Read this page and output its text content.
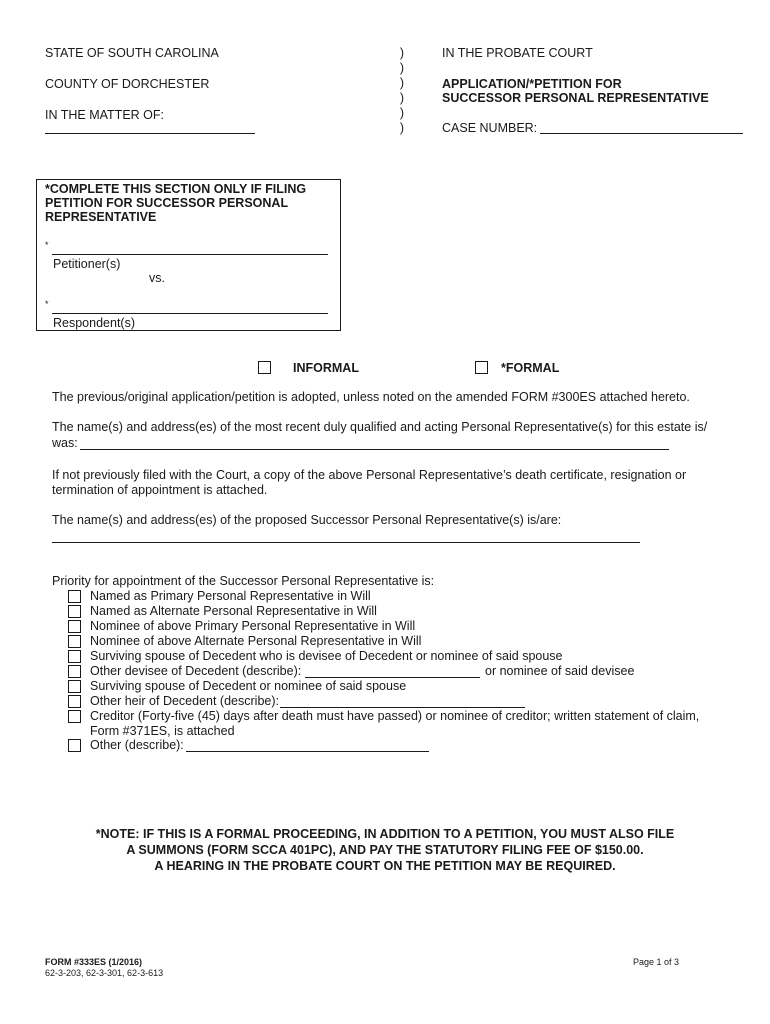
STATE OF SOUTH CAROLINA
COUNTY OF DORCHESTER
IN THE MATTER OF:
)
)
)
)
)
)
IN THE PROBATE COURT
APPLICATION/*PETITION FOR
SUCCESSOR PERSONAL REPRESENTATIVE
CASE NUMBER:
*COMPLETE THIS SECTION ONLY IF FILING
PETITION FOR SUCCESSOR PERSONAL
REPRESENTATIVE
*
Petitioner(s)
vs.
*
Respondent(s)
INFORMAL	*FORMAL
The previous/original application/petition is adopted, unless noted on the amended FORM #300ES attached hereto.
The name(s) and address(es) of the most recent duly qualified and acting Personal Representative(s) for this estate is/
was:
If not previously filed with the Court, a copy of the above Personal Representative’s death certificate, resignation or
termination of appointment is attached.
The name(s) and address(es) of the proposed Successor Personal Representative(s) is/are:
Priority for appointment of the Successor Personal Representative is:
Named as Primary Personal Representative in Will
Named as Alternate Personal Representative in Will
Nominee of above Primary Personal Representative in Will
Nominee of above Alternate Personal Representative in Will
Surviving spouse of Decedent who is devisee of Decedent or nominee of said spouse
Other devisee of Decedent (describe):	or nominee of said devisee
Surviving spouse of Decedent or nominee of said spouse
Other heir of Decedent (describe):
Creditor (Forty-five (45) days after death must have passed) or nominee of creditor; written statement of claim,
Form #371ES, is attached
Other (describe):
*NOTE: IF THIS IS A FORMAL PROCEEDING, IN ADDITION TO A PETITION, YOU MUST ALSO FILE
A SUMMONS (FORM SCCA 401PC), AND PAY THE STATUTORY FILING FEE OF $150.00.
A HEARING IN THE PROBATE COURT ON THE PETITION MAY BE REQUIRED.
FORM #333ES (1/2016)
62-3-203, 62-3-301, 62-3-613
Page 1 of 3
